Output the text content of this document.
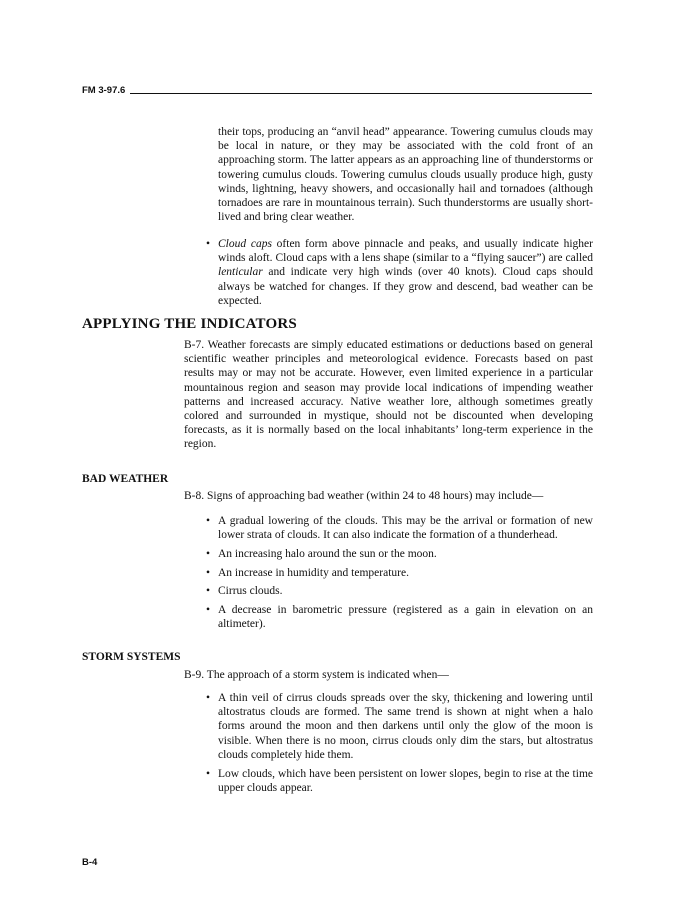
FM 3-97.6
their tops, producing an “anvil head” appearance. Towering cumulus clouds may be local in nature, or they may be associated with the cold front of an approaching storm. The latter appears as an approaching line of thunderstorms or towering cumulus clouds. Towering cumulus clouds usually produce high, gusty winds, lightning, heavy showers, and occasionally hail and tornadoes (although tornadoes are rare in mountainous terrain). Such thunderstorms are usually short-lived and bring clear weather.
• Cloud caps often form above pinnacle and peaks, and usually indicate higher winds aloft. Cloud caps with a lens shape (similar to a “flying saucer”) are called lenticular and indicate very high winds (over 40 knots). Cloud caps should always be watched for changes. If they grow and descend, bad weather can be expected.
APPLYING THE INDICATORS
B-7. Weather forecasts are simply educated estimations or deductions based on general scientific weather principles and meteorological evidence. Forecasts based on past results may or may not be accurate. However, even limited experience in a particular mountainous region and season may provide local indications of impending weather patterns and increased accuracy. Native weather lore, although sometimes greatly colored and surrounded in mystique, should not be discounted when developing forecasts, as it is normally based on the local inhabitants’ long-term experience in the region.
BAD WEATHER
B-8. Signs of approaching bad weather (within 24 to 48 hours) may include—
• A gradual lowering of the clouds. This may be the arrival or formation of new lower strata of clouds. It can also indicate the formation of a thunderhead.
• An increasing halo around the sun or the moon.
• An increase in humidity and temperature.
• Cirrus clouds.
• A decrease in barometric pressure (registered as a gain in elevation on an altimeter).
STORM SYSTEMS
B-9. The approach of a storm system is indicated when—
• A thin veil of cirrus clouds spreads over the sky, thickening and lowering until altostratus clouds are formed. The same trend is shown at night when a halo forms around the moon and then darkens until only the glow of the moon is visible. When there is no moon, cirrus clouds only dim the stars, but altostratus clouds completely hide them.
• Low clouds, which have been persistent on lower slopes, begin to rise at the time upper clouds appear.
B-4
